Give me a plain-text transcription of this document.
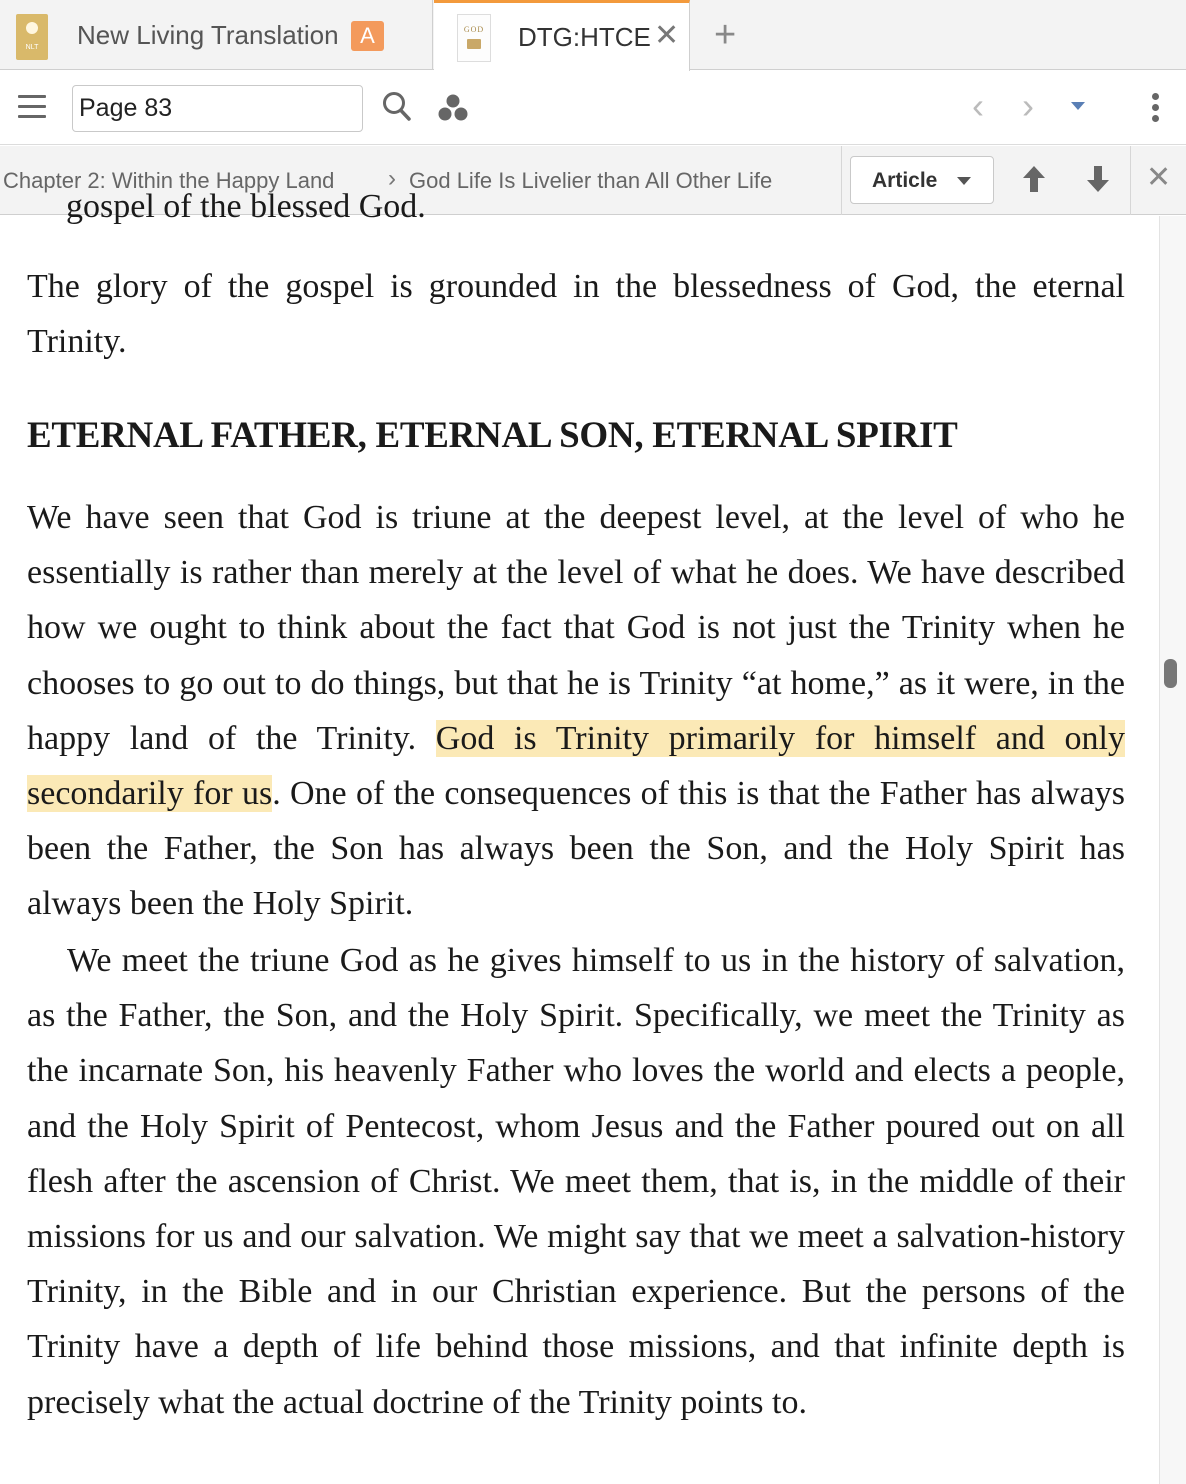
NLT	New Living Translation A	GOD DTG:HTCE ✕ +
Page 83
‹ ›
Chapter 2: Within the Happy Land	› God Life Is Livelier than All Other Life	Article	✕
gospel of the blessed God.

The glory of the gospel is grounded in the blessedness of God, the eternal Trinity.

ETERNAL FATHER, ETERNAL SON, ETERNAL SPIRIT

We have seen that God is triune at the deepest level, at the level of who he essentially is rather than merely at the level of what he does. We have described how we ought to think about the fact that God is not just the Trinity when he chooses to go out to do things, but that he is Trinity “at home,” as it were, in the happy land of the Trinity. God is Trinity primarily for himself and only secondarily for us. One of the consequences of this is that the Father has always been the Father, the Son has always been the Son, and the Holy Spirit has always been the Holy Spirit.

We meet the triune God as he gives himself to us in the history of salvation, as the Father, the Son, and the Holy Spirit. Specifically, we meet the Trinity as the incarnate Son, his heavenly Father who loves the world and elects a people, and the Holy Spirit of Pentecost, whom Jesus and the Father poured out on all flesh after the ascension of Christ. We meet them, that is, in the middle of their missions for us and our salvation. We might say that we meet a salvation-history Trinity, in the Bible and in our Christian experience. But the persons of the Trinity have a depth of life behind those missions, and that infinite depth is precisely what the actual doctrine of the Trinity points to.
